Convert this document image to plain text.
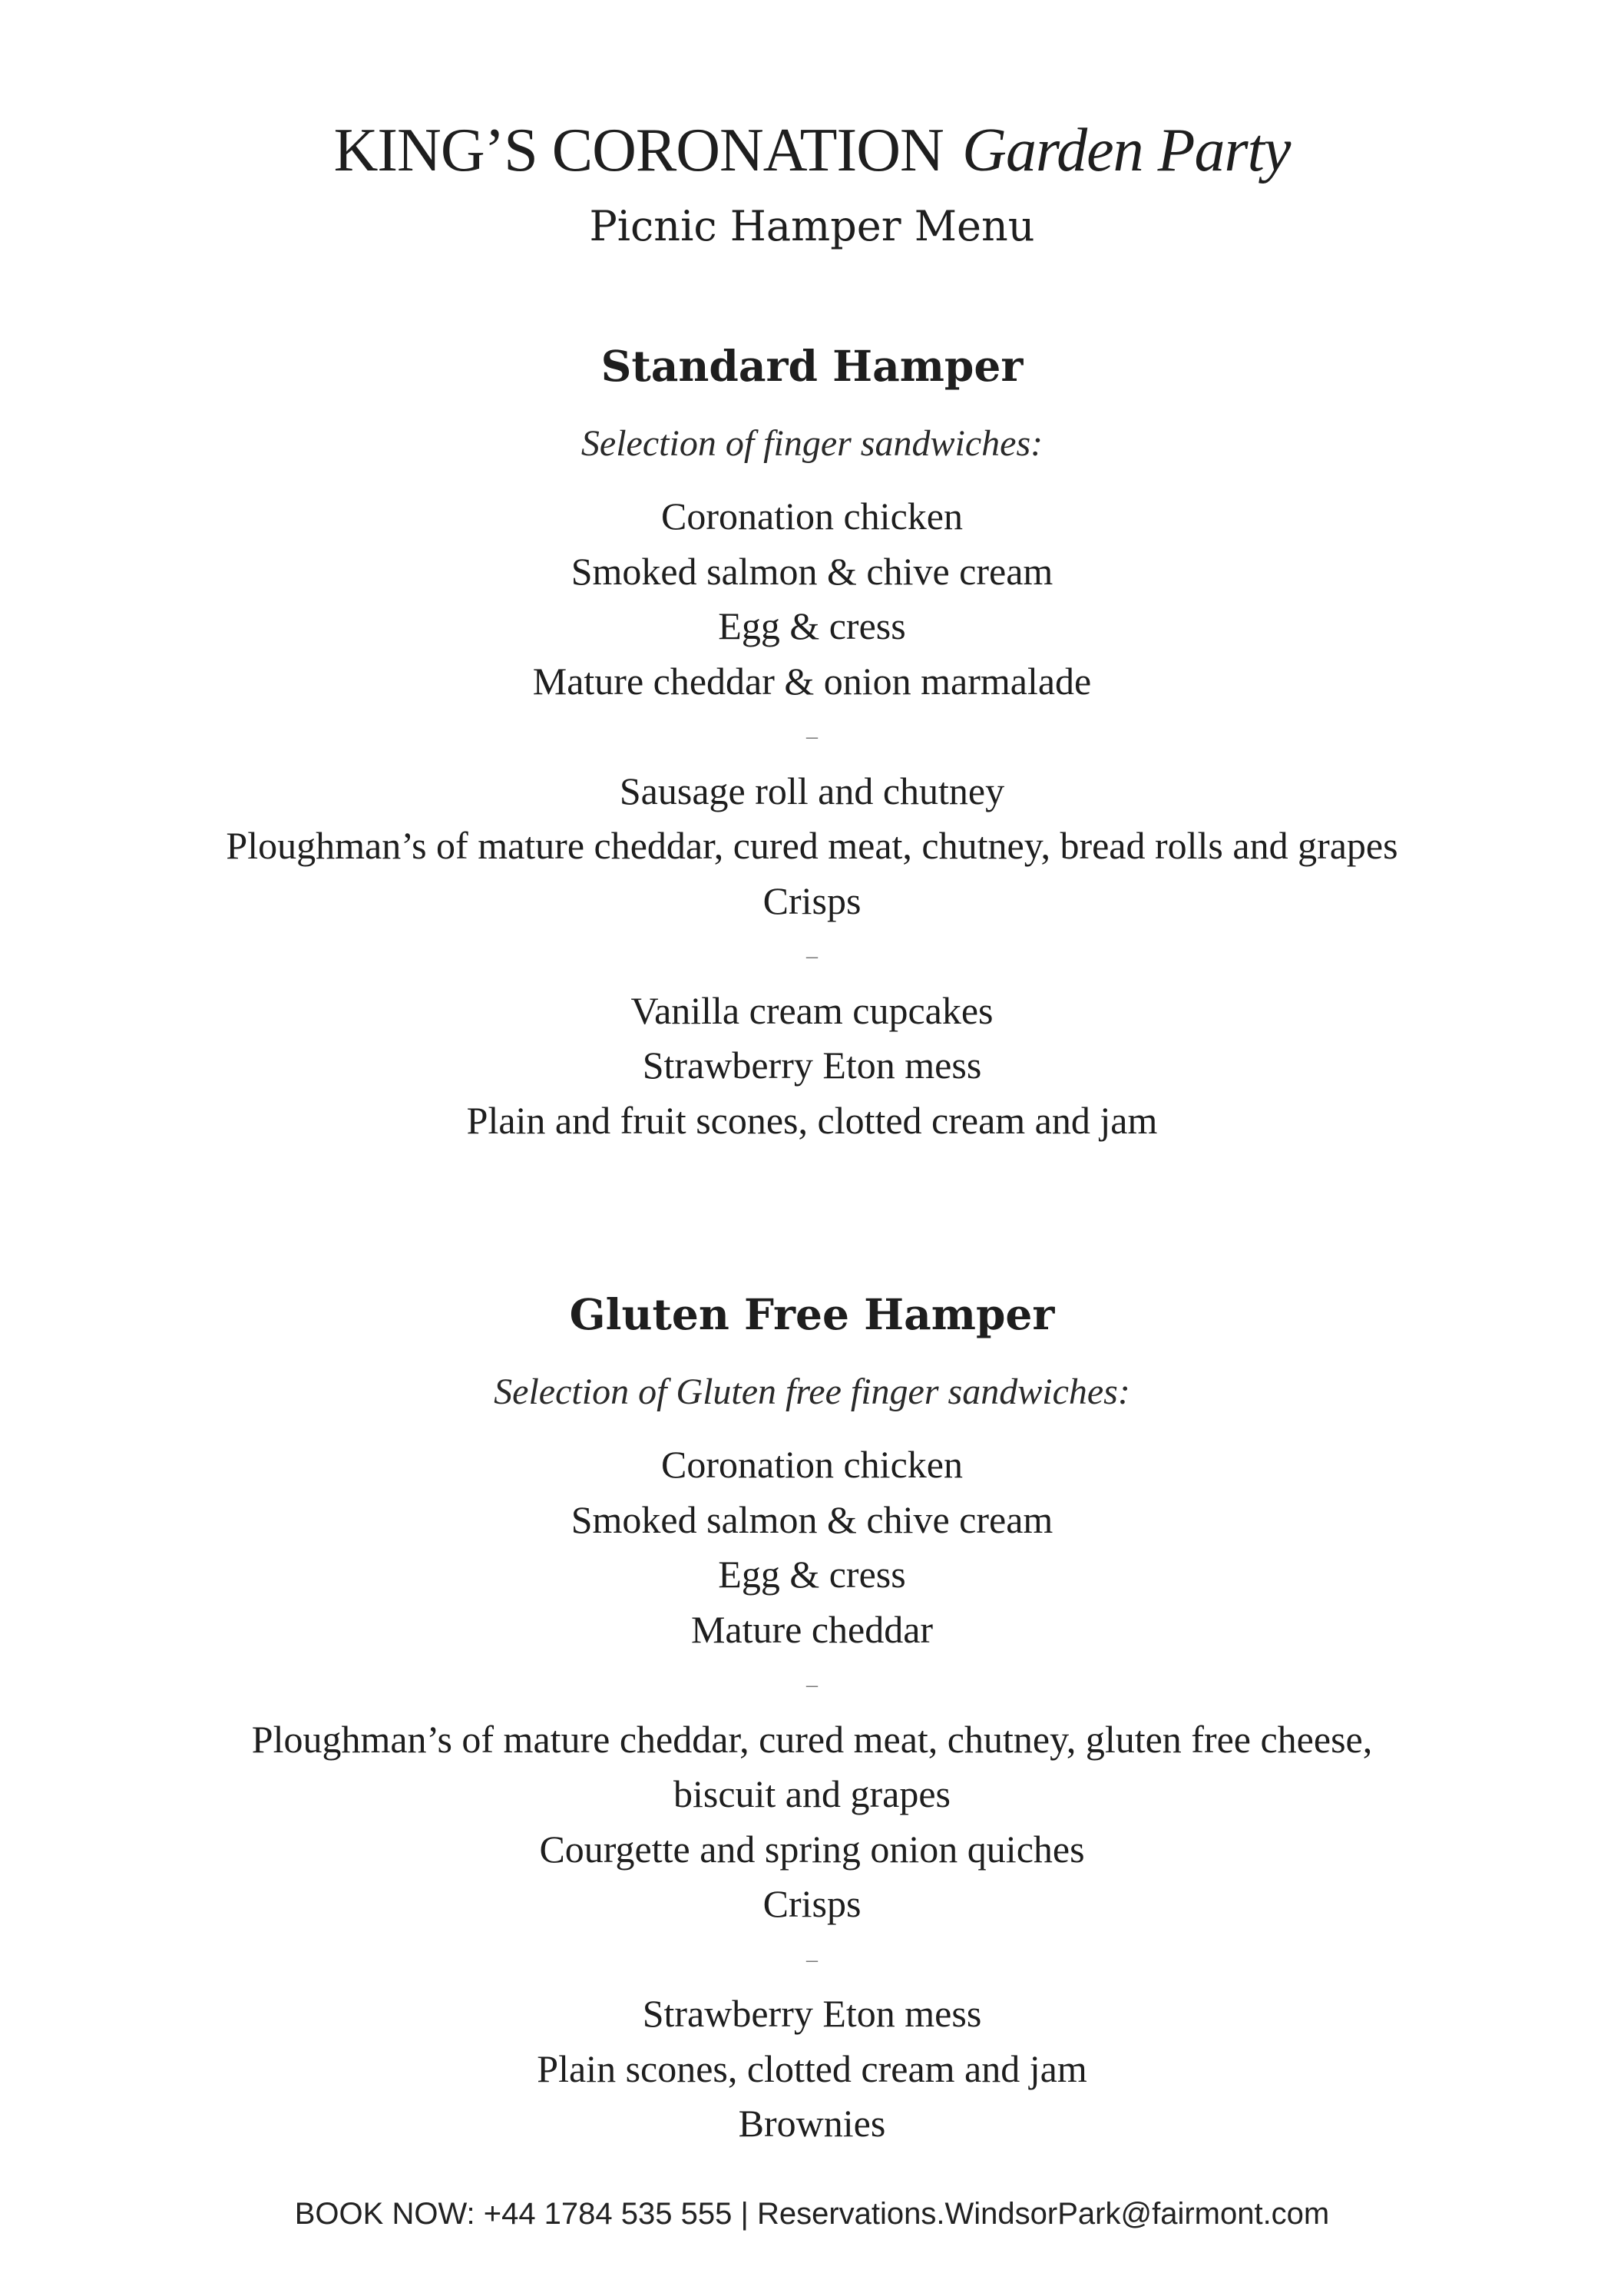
KING’S CORONATION Garden Party
Picnic Hamper Menu
Standard Hamper
Selection of finger sandwiches:
Coronation chicken
Smoked salmon & chive cream
Egg & cress
Mature cheddar & onion marmalade
–
Sausage roll and chutney
Ploughman’s of mature cheddar, cured meat, chutney, bread rolls and grapes
Crisps
–
Vanilla cream cupcakes
Strawberry Eton mess
Plain and fruit scones, clotted cream and jam
Gluten Free Hamper
Selection of Gluten free finger sandwiches:
Coronation chicken
Smoked salmon & chive cream
Egg & cress
Mature cheddar
–
Ploughman’s of mature cheddar, cured meat, chutney, gluten free cheese,
biscuit and grapes
Courgette and spring onion quiches
Crisps
–
Strawberry Eton mess
Plain scones, clotted cream and jam
Brownies
BOOK NOW: +44 1784 535 555 | Reservations.WindsorPark@fairmont.com
